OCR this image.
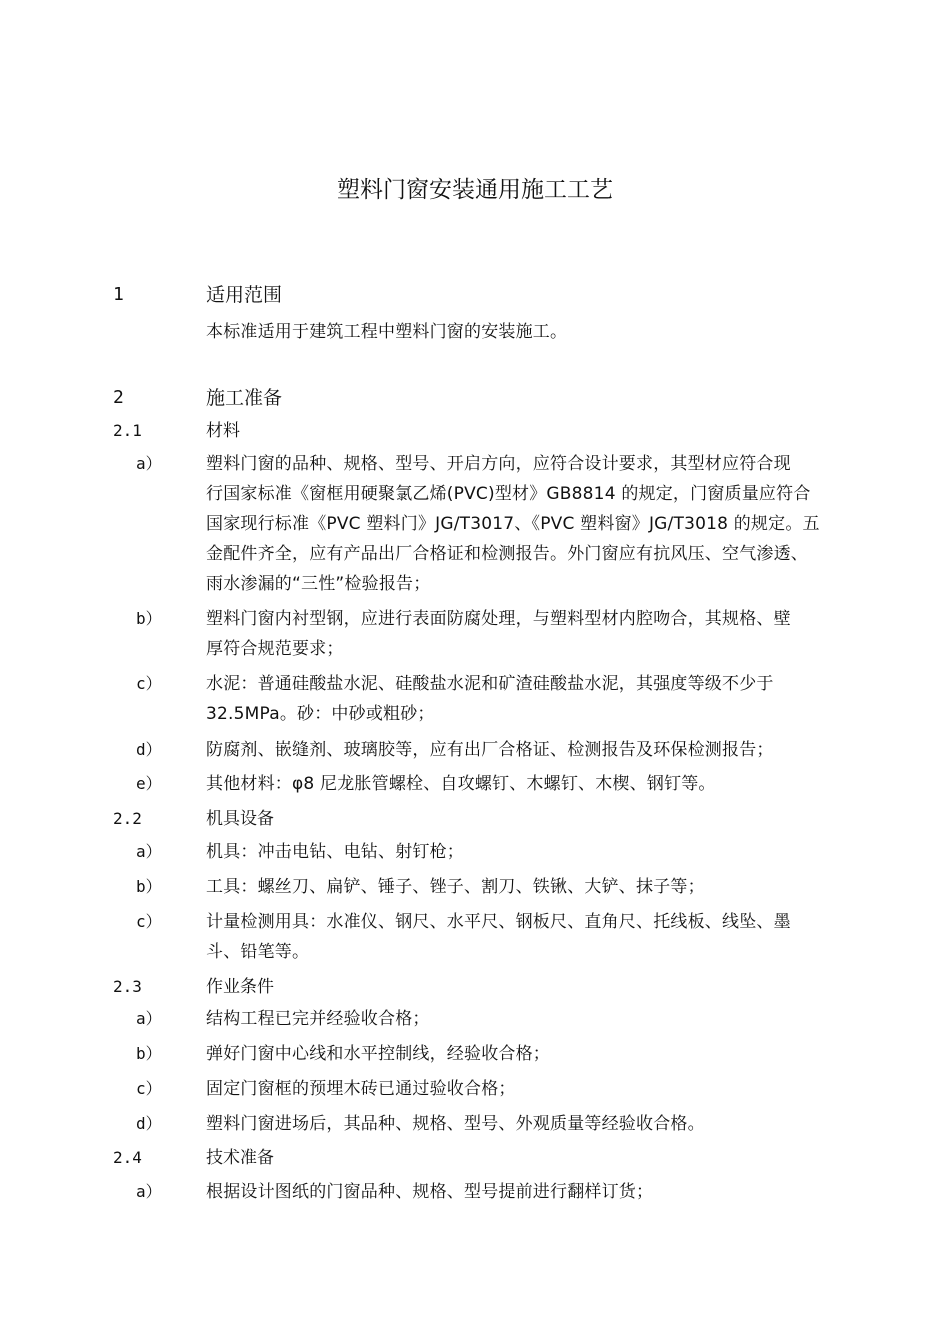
塑料门窗安装通用施工工艺
1	适用范围
本标准适用于建筑工程中塑料门窗的安装施工。
2	施工准备
2.1	材料
a）	塑料门窗的品种、规格、型号、开启方向，应符合设计要求，其型材应符合现
行国家标准《窗框用硬聚氯乙烯(PVC)型材》GB8814 的规定，门窗质量应符合
国家现行标准《PVC 塑料门》JG/T3017、《PVC 塑料窗》JG/T3018 的规定。五
金配件齐全，应有产品出厂合格证和检测报告。外门窗应有抗风压、空气渗透、
雨水渗漏的“三性”检验报告；
b）	塑料门窗内衬型钢，应进行表面防腐处理，与塑料型材内腔吻合，其规格、壁
厚符合规范要求；
c）	水泥：普通硅酸盐水泥、硅酸盐水泥和矿渣硅酸盐水泥，其强度等级不少于
32.5MPa。砂：中砂或粗砂；
d）	防腐剂、嵌缝剂、玻璃胶等，应有出厂合格证、检测报告及环保检测报告；
e）	其他材料：φ8 尼龙胀管螺栓、自攻螺钉、木螺钉、木楔、钢钉等。
2.2	机具设备
a）	机具：冲击电钻、电钻、射钉枪；
b）	工具：螺丝刀、扁铲、锤子、锉子、割刀、铁锹、大铲、抹子等；
c）	计量检测用具：水准仪、钢尺、水平尺、钢板尺、直角尺、托线板、线坠、墨
斗、铅笔等。
2.3	作业条件
a）	结构工程已完并经验收合格；
b）	弹好门窗中心线和水平控制线，经验收合格；
c）	固定门窗框的预埋木砖已通过验收合格；
d）	塑料门窗进场后，其品种、规格、型号、外观质量等经验收合格。
2.4	技术准备
a）	根据设计图纸的门窗品种、规格、型号提前进行翻样订货；
